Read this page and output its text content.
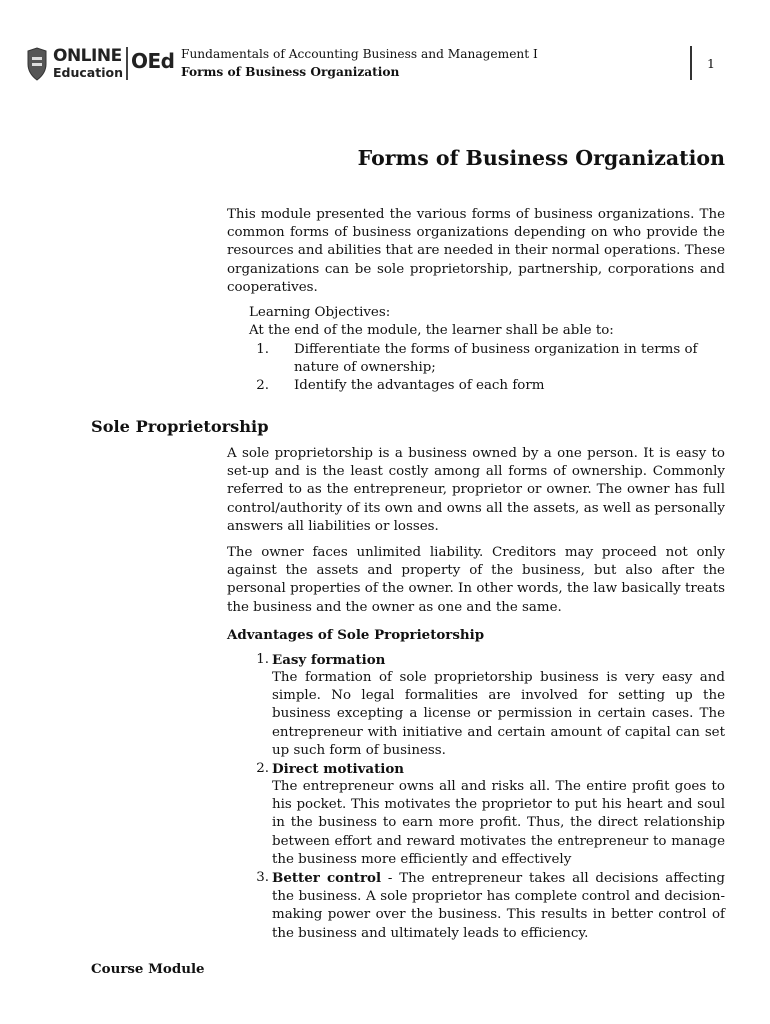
ONLINE
Education OEd Fundamentals of Accounting Business and Management I
Forms of Business Organization
1
Forms of Business Organization
This module presented the various forms of business organizations. The common forms of business organizations depending on who provide the resources and abilities that are needed in their normal operations. These organizations can be sole proprietorship, partnership, corporations and cooperatives.
Learning Objectives:
At the end of the module, the learner shall be able to:
1. Differentiate the forms of business organization in terms of nature of ownership;
2. Identify the advantages of each form
Sole Proprietorship
A sole proprietorship is a business owned by a one person. It is easy to set-up and is the least costly among all forms of ownership. Commonly referred to as the entrepreneur, proprietor or owner. The owner has full control/authority of its own and owns all the assets, as well as personally answers all liabilities or losses.
The owner faces unlimited liability. Creditors may proceed not only against the assets and property of the business, but also after the personal properties of the owner. In other words, the law basically treats the business and the owner as one and the same.
Advantages of Sole Proprietorship
1. Easy formation
The formation of sole proprietorship business is very easy and simple. No legal formalities are involved for setting up the business excepting a license or permission in certain cases. The entrepreneur with initiative and certain amount of capital can set up such form of business.
2. Direct motivation
The entrepreneur owns all and risks all. The entire profit goes to his pocket. This motivates the proprietor to put his heart and soul in the business to earn more profit. Thus, the direct relationship between effort and reward motivates the entrepreneur to manage the business more efficiently and effectively
3. Better control - The entrepreneur takes all decisions affecting the business. A sole proprietor has complete control and decision-making power over the business. This results in better control of the business and ultimately leads to efficiency.
Course Module
